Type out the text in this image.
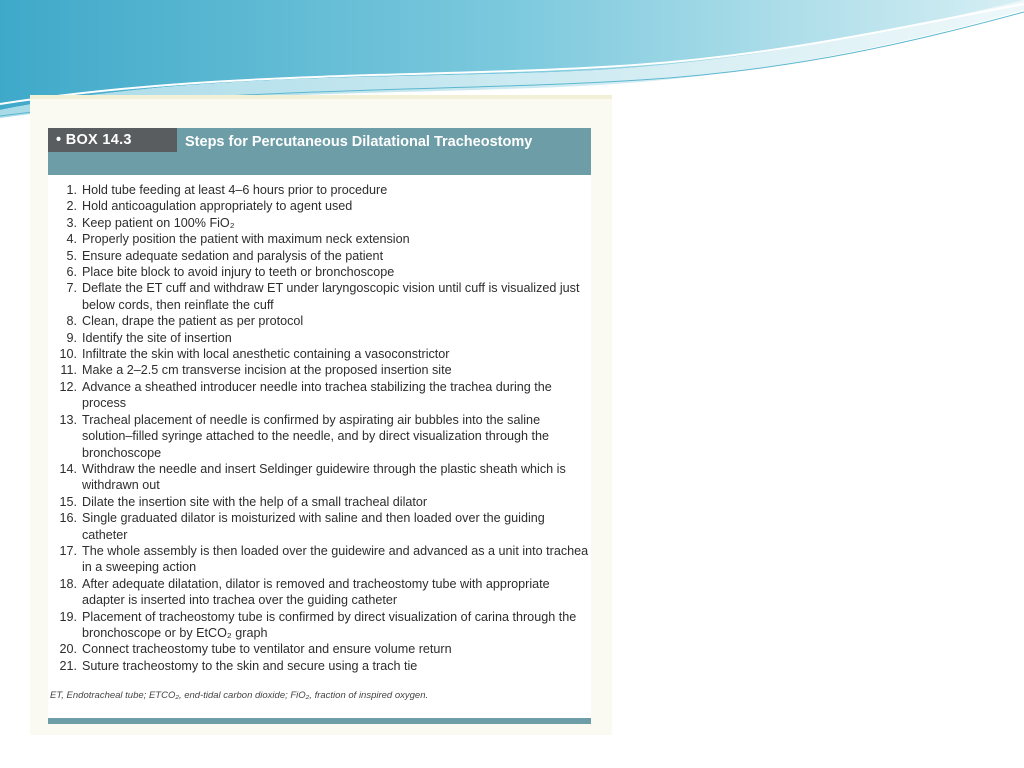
• BOX 14.3	Steps for Percutaneous Dilatational Tracheostomy
1. Hold tube feeding at least 4–6 hours prior to procedure
2. Hold anticoagulation appropriately to agent used
3. Keep patient on 100% FiO₂
4. Properly position the patient with maximum neck extension
5. Ensure adequate sedation and paralysis of the patient
6. Place bite block to avoid injury to teeth or bronchoscope
7. Deflate the ET cuff and withdraw ET under laryngoscopic vision until cuff is visualized just below cords, then reinflate the cuff
8. Clean, drape the patient as per protocol
9. Identify the site of insertion
10. Infiltrate the skin with local anesthetic containing a vasoconstrictor
11. Make a 2–2.5 cm transverse incision at the proposed insertion site
12. Advance a sheathed introducer needle into trachea stabilizing the trachea during the process
13. Tracheal placement of needle is confirmed by aspirating air bubbles into the saline solution–filled syringe attached to the needle, and by direct visualization through the bronchoscope
14. Withdraw the needle and insert Seldinger guidewire through the plastic sheath which is withdrawn out
15. Dilate the insertion site with the help of a small tracheal dilator
16. Single graduated dilator is moisturized with saline and then loaded over the guiding catheter
17. The whole assembly is then loaded over the guidewire and advanced as a unit into trachea in a sweeping action
18. After adequate dilatation, dilator is removed and tracheostomy tube with appropriate adapter is inserted into trachea over the guiding catheter
19. Placement of tracheostomy tube is confirmed by direct visualization of carina through the bronchoscope or by EtCO₂ graph
20. Connect tracheostomy tube to ventilator and ensure volume return
21. Suture tracheostomy to the skin and secure using a trach tie
ET, Endotracheal tube; ETCO₂, end-tidal carbon dioxide; FiO₂, fraction of inspired oxygen.
